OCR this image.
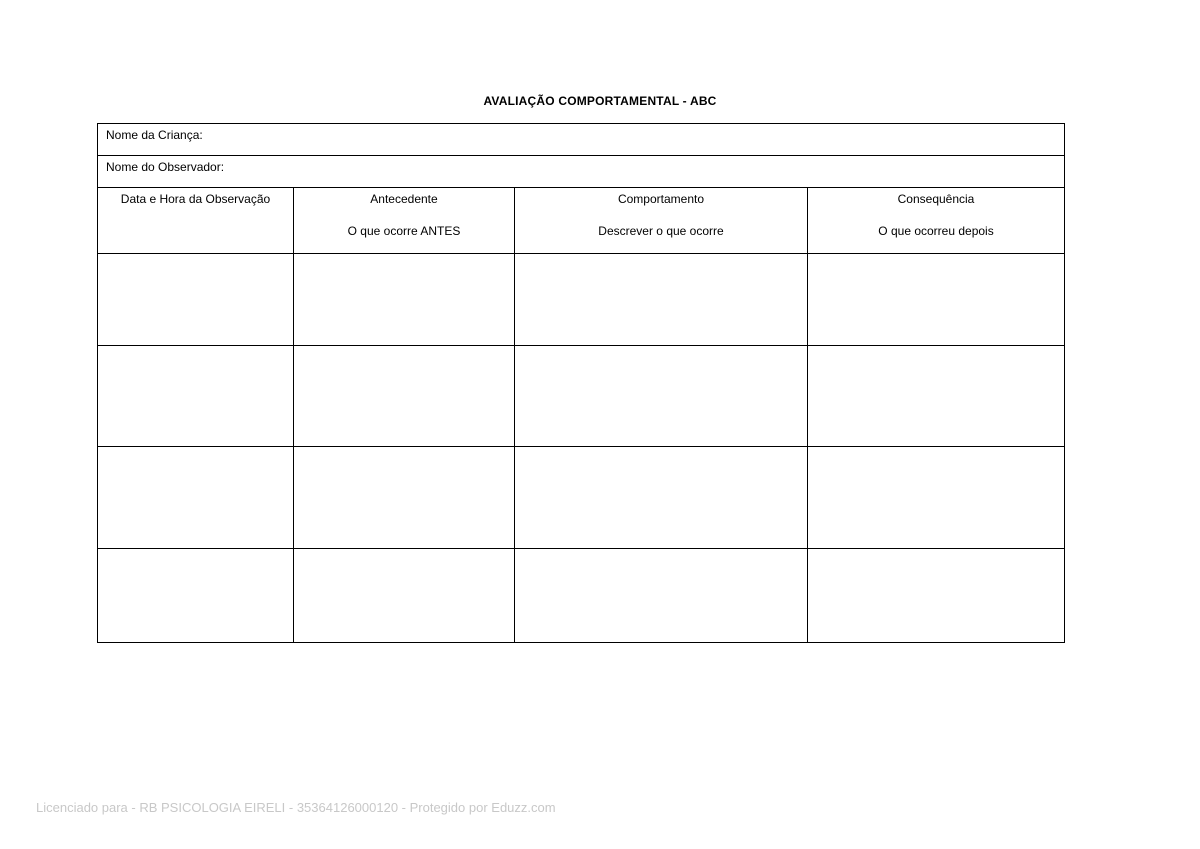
AVALIAÇÃO COMPORTAMENTAL - ABC
Nome da Criança:
Nome do Observador:
Data e Hora da Observação	Antecedente
O que ocorre ANTES
Comportamento
Descrever o que ocorre
Consequência
O que ocorreu depois
Licenciado para - RB PSICOLOGIA EIRELI - 35364126000120 - Protegido por Eduzz.com
